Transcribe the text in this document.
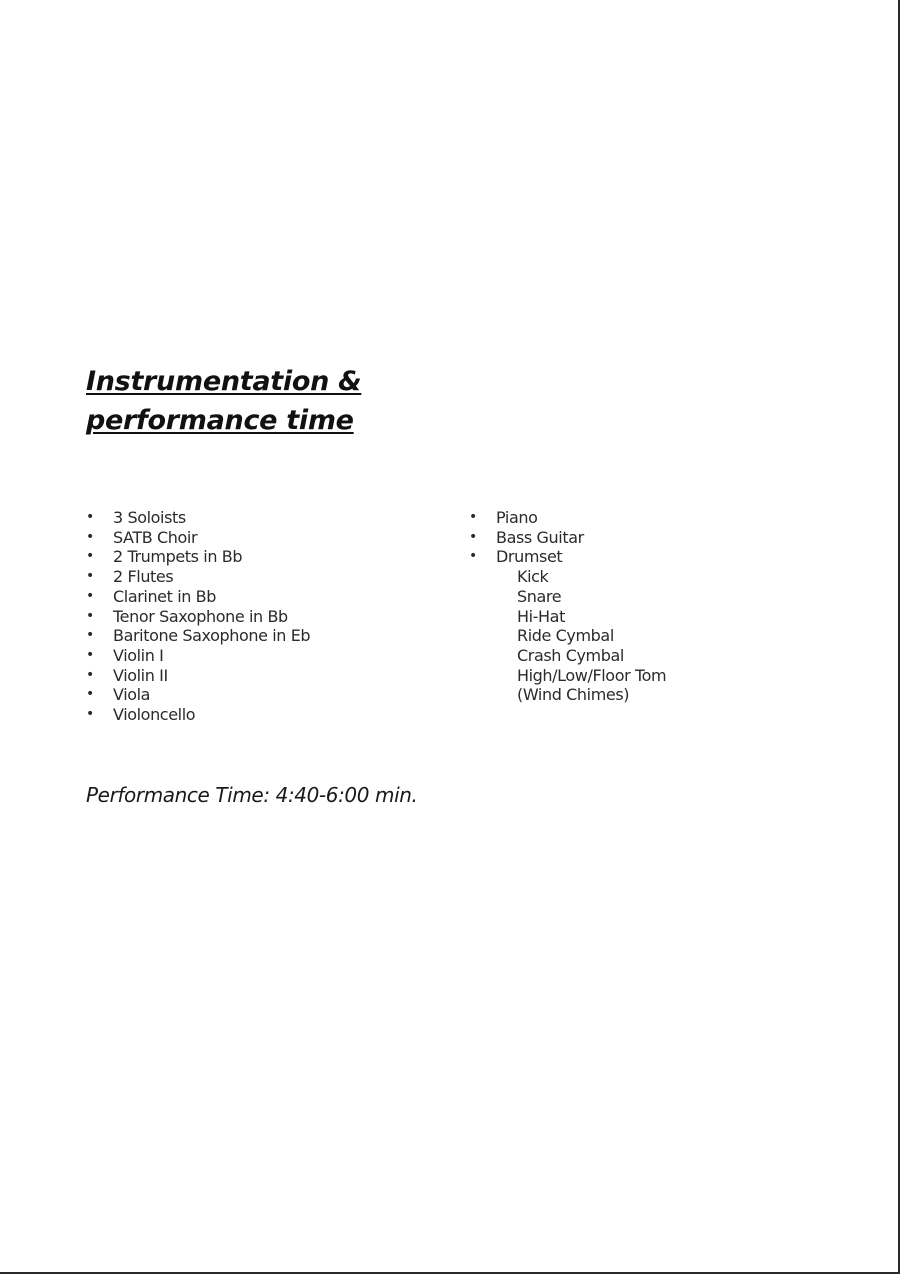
Instrumentation &
performance time
• 3 Soloists
• SATB Choir
• 2 Trumpets in Bb
• 2 Flutes
• Clarinet in Bb
• Tenor Saxophone in Bb
• Baritone Saxophone in Eb
• Violin I
• Violin II
• Viola
• Violoncello
• Piano
• Bass Guitar
• Drumset
Kick
Snare
Hi-Hat
Ride Cymbal
Crash Cymbal
High/Low/Floor Tom
(Wind Chimes)

Performance Time: 4:40-6:00 min.
